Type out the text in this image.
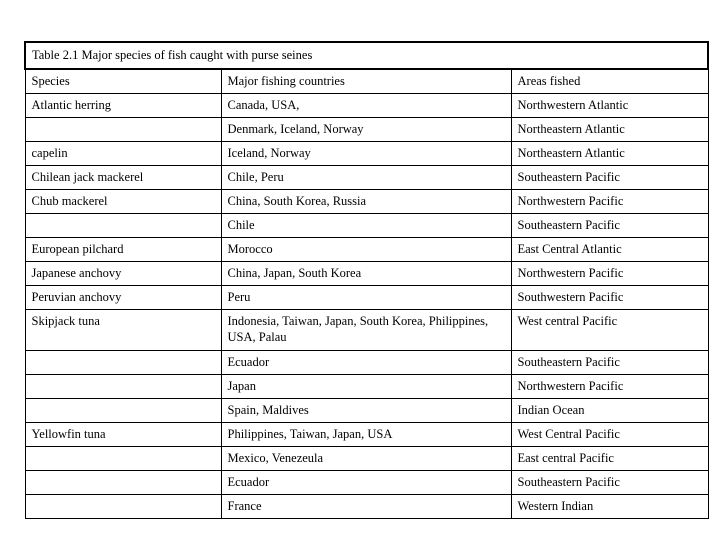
Table 2.1 Major species of fish caught with purse seines		
Species	Major fishing countries	Areas fished
Atlantic herring	Canada, USA,	Northwestern Atlantic
	Denmark, Iceland, Norway	Northeastern Atlantic
capelin	Iceland, Norway	Northeastern Atlantic
Chilean jack mackerel	Chile, Peru	Southeastern Pacific
Chub mackerel	China, South Korea, Russia	Northwestern Pacific
	Chile	Southeastern Pacific
European pilchard	Morocco	East Central Atlantic
Japanese anchovy	China, Japan, South Korea	Northwestern Pacific
Peruvian anchovy	Peru	Southwestern Pacific
Skipjack tuna	Indonesia, Taiwan, Japan, South Korea, Philippines, USA, Palau	West central Pacific
	Ecuador	Southeastern Pacific
	Japan	Northwestern Pacific
	Spain, Maldives	Indian Ocean
Yellowfin tuna	Philippines, Taiwan, Japan, USA	West Central Pacific
	Mexico, Venezeula	East central Pacific
	Ecuador	Southeastern Pacific
	France	Western Indian
